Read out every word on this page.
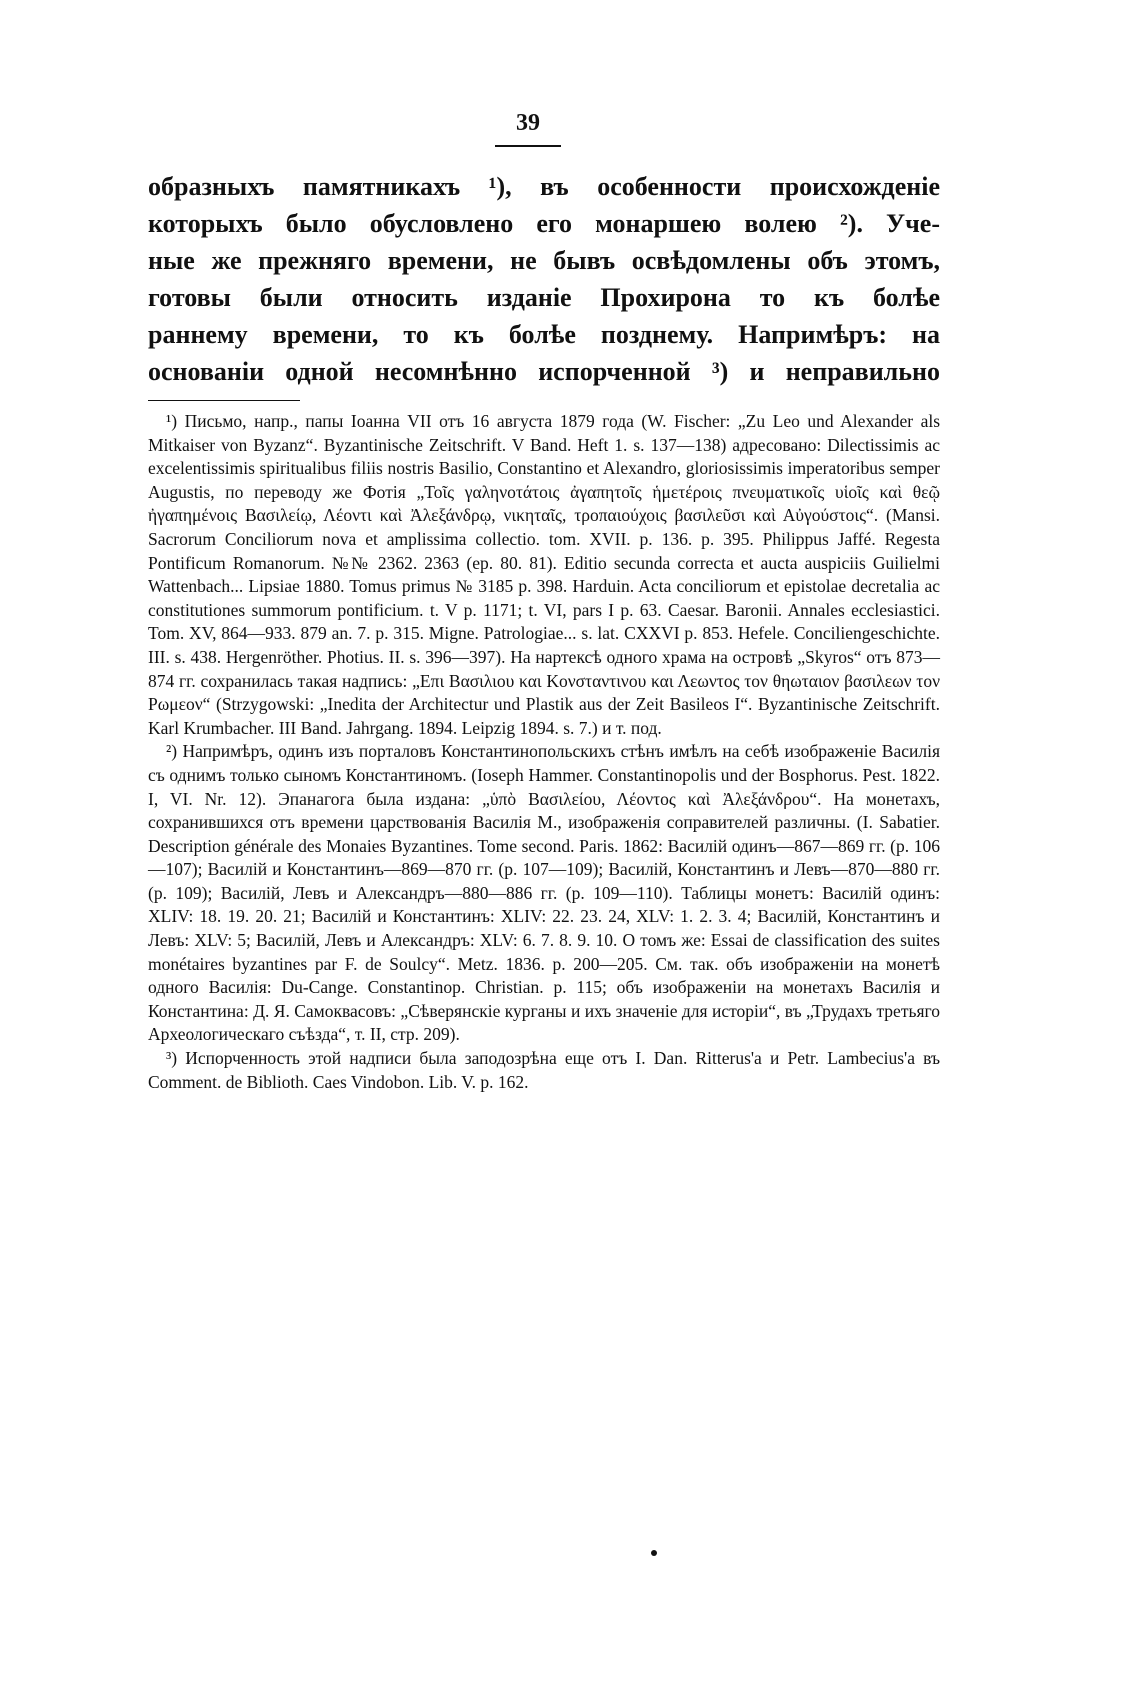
39
образныхъ памятникахъ ¹), въ особенности происхожденіе
которыхъ было обусловлено его монаршею волею ²). Уче-
ные же прежняго времени, не бывъ освѣдомлены объ этомъ,
готовы были относить изданіе Прохирона то къ болѣе
раннему времени, то къ болѣе позднему. Напримѣръ: на
основаніи одной несомнѣнно испорченной ³) и неправильно

¹) Письмо, напр., папы Іоанна VII отъ 16 августа 1879 года (W. Fischer: „Zu Leo und Alexander als Mitkaiser von Byzanz“. Byzantinische Zeitschrift. V Band. Heft 1. s. 137—138) адресовано: Dilectissimis ac excelentissimis spiritualibus filiis nostris Basilio, Constantino et Alexandro, gloriosissimis imperatoribus semper Augustis, по переводу же Фотія „Τοῖς γαληνοτάτοις ἀγαπητοῖς ἡμετέροις πνευματικοῖς υἱοῖς καὶ θεῷ ἠγαπημένοις Βασιλείῳ, Λέοντι καὶ Ἀλεξάνδρῳ, νικηταῖς, τροπαιούχοις βασιλεῦσι καὶ Αὐγούστοις“. (Mansi. Sacrorum Conciliorum nova et amplissima collectio. tom. XVII. p. 136. p. 395. Philippus Jaffé. Regesta Pontificum Romanorum. №№ 2362. 2363 (ep. 80. 81). Editio secunda correcta et aucta auspiciis Guilielmi Wattenbach... Lipsiae 1880. Tomus primus № 3185 p. 398. Harduin. Acta conciliorum et epistolae decretalia ac constitutiones summorum pontificium. t. V p. 1171; t. VI, pars I p. 63. Caesar. Baronii. Annales ecclesiastici. Tom. XV, 864—933. 879 an. 7. p. 315. Migne. Patrologiae... s. lat. CXXVI p. 853. Hefele. Conciliengeschichte. III. s. 438. Hergenröther. Photius. II. s. 396—397). На нартексѣ одного храма на островѣ „Skyros“ отъ 873—874 гг. сохранилась такая надпись: „Επι Βασιλιου και Κονσταντινου και Λεωντος τον θηωταιον βασιλεων τον Ρωμεον“ (Strzygowski: „Inedita der Architectur und Plastik aus der Zeit Basileos I“. Byzantinische Zeitschrift. Karl Krumbacher. III Band. Jahrgang. 1894. Leipzig 1894. s. 7.) и т. под.

²) Напримѣръ, одинъ изъ порталовъ Константинопольскихъ стѣнъ имѣлъ на себѣ изображеніе Василія съ однимъ только сыномъ Константиномъ. (Ioseph Hammer. Constantinopolis und der Bosphorus. Pest. 1822. I, VI. Nr. 12). Эпанагога была издана: „ὑπὸ Βασιλείου, Λέοντος καὶ Ἀλεξάνδρου“. На монетахъ, сохранившихся отъ времени царствованія Василія М., изображенія соправителей различны. (I. Sabatier. Description générale des Monaies Byzantines. Tome second. Paris. 1862: Василій одинъ—867—869 гг. (p. 106—107); Василій и Константинъ—869—870 гг. (p. 107—109); Василій, Константинъ и Левъ—870—880 гг. (p. 109); Василій, Левъ и Александръ—880—886 гг. (p. 109—110). Таблицы монетъ: Василій одинъ: XLIV: 18. 19. 20. 21; Василій и Константинъ: XLIV: 22. 23. 24, XLV: 1. 2. 3. 4; Василій, Константинъ и Левъ: XLV: 5; Василій, Левъ и Александръ: XLV: 6. 7. 8. 9. 10. О томъ же: Essai de classification des suites monétaires byzantines par F. de Soulcy“. Metz. 1836. p. 200—205. См. так. объ изображеніи на монетѣ одного Василія: Du-Cange. Constantinop. Christian. p. 115; объ изображеніи на монетахъ Василія и Константина: Д. Я. Самоквасовъ: „Сѣверянскіе курганы и ихъ значеніе для исторіи“, въ „Трудахъ третьяго Археологическаго съѣзда“, т. II, стр. 209).

³) Испорченность этой надписи была заподозрѣна еще отъ I. Dan. Ritterus'a и Petr. Lambecius'a въ Comment. de Biblioth. Caes Vindobon. Lib. V. p. 162.
